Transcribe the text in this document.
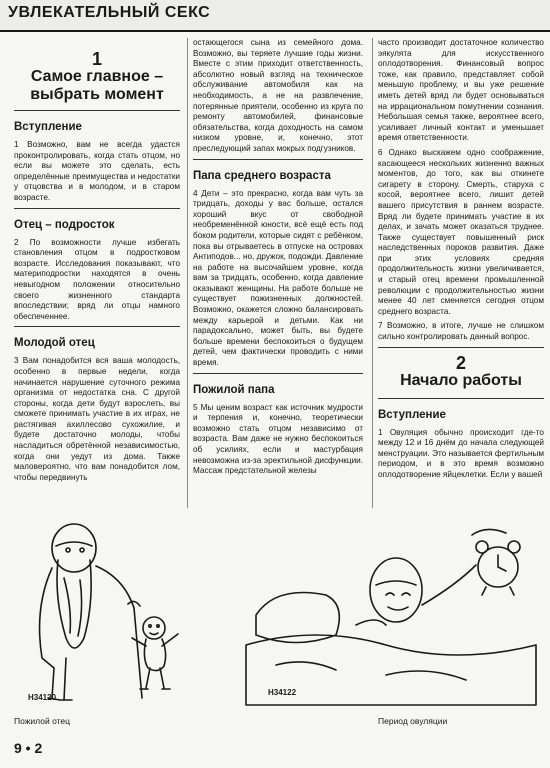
УВЛЕКАТЕЛЬНЫЙ СЕКС
1
Самое главное –
выбрать момент
Вступление

1 Возможно, вам не всегда удастся проконтролировать, когда стать отцом, но если вы можете это сделать, есть определённые преимущества и недостатки у отцовства и в молодом, и в старом возрасте.

Отец – подросток

2 По возможности лучше избегать становления отцом в подростковом возрасте. Исследования показывают, что материподростки находятся в очень невыгодном положении относительно своего жизненного стандарта впоследствии; вряд ли отцы намного обеспеченнее.

Молодой отец

3 Вам понадобится вся ваша молодость, особенно в первые недели, когда начинается нарушение суточного режима организма от недостатка сна. С другой стороны, когда дети будут взрослеть, вы сможете принимать участие в их играх, не растягивая ахиллесово сухожилие, и будете достаточно молоды, чтобы насладиться обретённой независимостью, когда они уедут из дома. Также маловероятно, что вам понадобится лом, чтобы передвинуть

остающегося сына из семейного дома. Возможно, вы теряете лучшие годы жизни. Вместе с этим приходит ответственность, абсолютно новый взгляд на техническое обслуживание автомобиля как на необходимость, а не на развлечение, потерянные приятели, особенно из круга по ремонту автомобилей, финансовые обязательства, когда доходность на самом низком уровне, и, конечно, этот преследующий запах мокрых подгузников.

Папа среднего возраста

4 Дети – это прекрасно, когда вам чуть за тридцать, доходы у вас больше, остался хороший вкус от свободной необременённой юности, всё ещё есть под боком родители, которые сидят с ребёнком, пока вы отрываетесь в отпуске на островах Антиподов... но, дружок, подожди. Давление на работе на высочайшем уровне, когда вам за тридцать, особенно, когда давление оказывают женщины. На работе больше не существует пожизненных должностей. Возможно, окажется сложно балансировать между карьерой и детьми. Как ни парадоксально, может быть, вы будете больше времени беспокоиться о будущем детей, чем фактически проводить с ними время.

Пожилой папа

5 Мы ценим возраст как источник мудрости и терпения и, конечно, теоретически возможно стать отцом независимо от возраста. Вам даже не нужно беспокоиться об усилиях, если и мастурбация невозможна из-за эректильной дисфункции. Массаж предстательной железы

часто производит достаточное количество эякулята для искусственного оплодотворения. Финансовый вопрос тоже, как правило, представляет собой меньшую проблему, и вы уже решение иметь детей вряд ли будет основываться на иррациональном помутнении сознания. Небольшая семья также, вероятнее всего, усиливает личный контакт и уменьшает время ответственности.

6 Однако выскажем одно соображение, касающееся нескольких жизненно важных моментов, до того, как вы откинете сигарету в сторону. Смерть, старуха с косой, вероятнее всего, лишит детей вашего присутствия в раннем возрасте. Вряд ли будете принимать участие в их делах, и зачать может оказаться труднее. Также существует повышенный риск наследственных пороков развития. Даже при этих условиях средняя продолжительность жизни увеличивается, и старый отец времени промышленной революции с продолжительностью жизни менее 40 лет сменяется сегодня отцом среднего возраста.

7 Возможно, в итоге, лучше не слишком сильно контролировать данный вопрос.

2
Начало работы
Вступление

1 Овуляция обычно происходит где-то между 12 и 16 днём до начала следующей менструации. Это называется фертильным периодом, и в это время возможно оплодотворение яйцеклетки. Если у вашей

H34120
Пожилой отец
H34122
Период овуляции
9 • 2
